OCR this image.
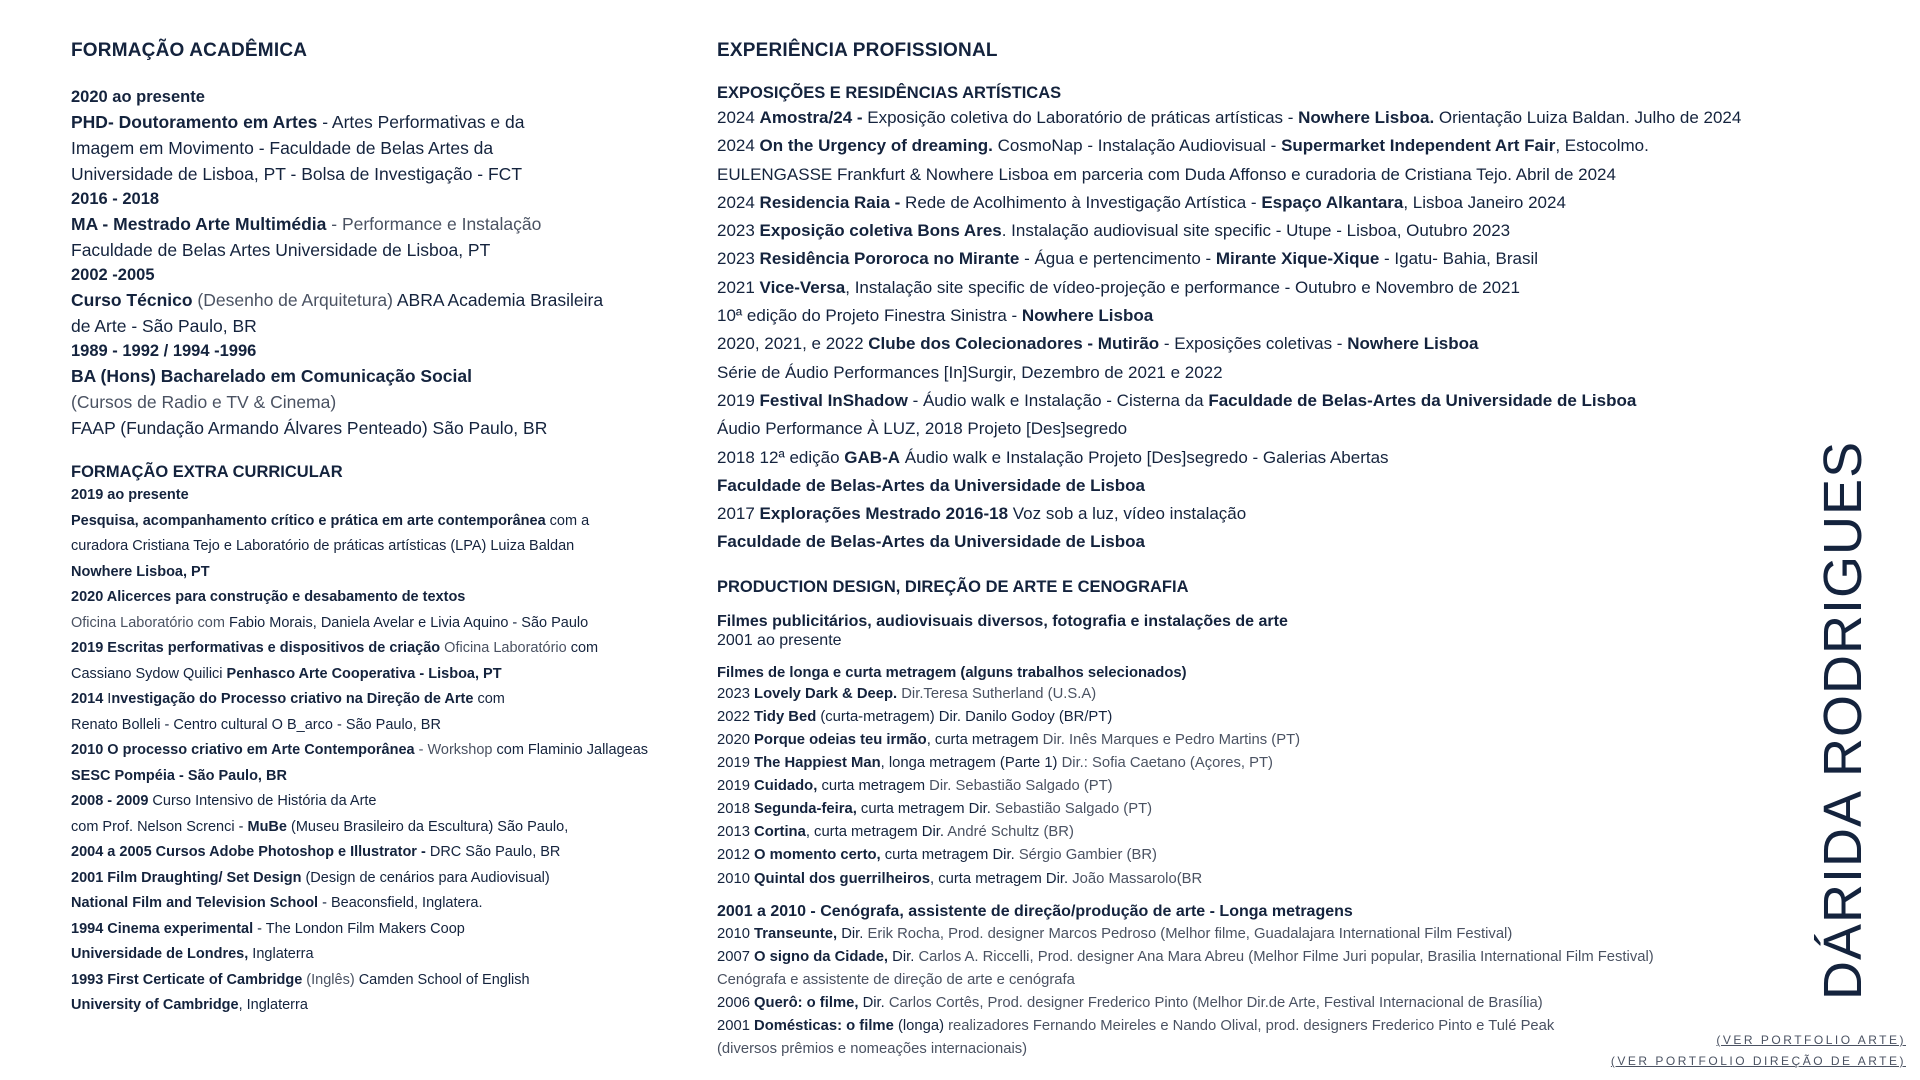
FORMAÇÃO ACADÊMICA
2020 ao presente
PHD- Doutoramento em Artes - Artes Performativas e da
Imagem em Movimento - Faculdade de Belas Artes da
Universidade de Lisboa, PT - Bolsa de Investigação - FCT
2016 - 2018
MA - Mestrado Arte Multimédia - Performance e Instalação
Faculdade de Belas Artes Universidade de Lisboa, PT
2002 -2005
Curso Técnico (Desenho de Arquitetura) ABRA Academia Brasileira
de Arte - São Paulo, BR
1989 - 1992 / 1994 -1996
BA (Hons) Bacharelado em Comunicação Social
(Cursos de Radio e TV & Cinema)
FAAP (Fundação Armando Álvares Penteado) São Paulo, BR
FORMAÇÃO EXTRA CURRICULAR
2019 ao presente
Pesquisa, acompanhamento crítico e prática em arte contemporânea com a
curadora Cristiana Tejo e Laboratório de práticas artísticas (LPA) Luiza Baldan
Nowhere Lisboa, PT
2020 Alicerces para construção e desabamento de textos
Oficina Laboratório com Fabio Morais, Daniela Avelar e Livia Aquino - São Paulo
2019 Escritas performativas e dispositivos de criação Oficina Laboratório com
Cassiano Sydow Quilici Penhasco Arte Cooperativa - Lisboa, PT
2014 Investigação do Processo criativo na Direção de Arte com
Renato Bolleli - Centro cultural O B_arco - São Paulo, BR
2010 O processo criativo em Arte Contemporânea - Workshop com Flaminio Jallageas
SESC Pompéia - São Paulo, BR
2008 - 2009 Curso Intensivo de História da Arte
com Prof. Nelson Screnci - MuBe (Museu Brasileiro da Escultura) São Paulo,
2004 a 2005 Cursos Adobe Photoshop e Illustrator - DRC São Paulo, BR
2001 Film Draughting/ Set Design (Design de cenários para Audiovisual)
National Film and Television School - Beaconsfield, Inglatera.
1994 Cinema experimental - The London Film Makers Coop
Universidade de Londres, Inglaterra
1993 First Certicate of Cambridge (Inglês) Camden School of English
University of Cambridge, Inglaterra
EXPERIÊNCIA PROFISSIONAL
EXPOSIÇÕES E RESIDÊNCIAS ARTÍSTICAS
2024 Amostra/24 - Exposição coletiva do Laboratório de práticas artísticas - Nowhere Lisboa. Orientação Luiza Baldan. Julho de 2024
2024 On the Urgency of dreaming. CosmoNap - Instalação Audiovisual - Supermarket Independent Art Fair, Estocolmo.
EULENGASSE Frankfurt & Nowhere Lisboa em parceria com Duda Affonso e curadoria de Cristiana Tejo. Abril de 2024
2024 Residencia Raia - Rede de Acolhimento à Investigação Artística - Espaço Alkantara, Lisboa Janeiro 2024
2023 Exposição coletiva Bons Ares. Instalação audiovisual site specific - Utupe - Lisboa, Outubro 2023
2023 Residência Pororoca no Mirante - Água e pertencimento - Mirante Xique-Xique - Igatu- Bahia, Brasil
2021 Vice-Versa, Instalação site specific de vídeo-projeção e performance - Outubro e Novembro de 2021
10ª edição do Projeto Finestra Sinistra - Nowhere Lisboa
2020, 2021, e 2022 Clube dos Colecionadores - Mutirão - Exposições coletivas - Nowhere Lisboa
Série de Áudio Performances [In]Surgir, Dezembro de 2021 e 2022
2019 Festival InShadow - Áudio walk e Instalação - Cisterna da Faculdade de Belas-Artes da Universidade de Lisboa
Áudio Performance À LUZ, 2018 Projeto [Des]segredo
2018 12ª edição GAB-A Áudio walk e Instalação Projeto [Des]segredo - Galerias Abertas
Faculdade de Belas-Artes da Universidade de Lisboa
2017 Explorações Mestrado 2016-18 Voz sob a luz, vídeo instalação
Faculdade de Belas-Artes da Universidade de Lisboa
PRODUCTION DESIGN, DIREÇÃO DE ARTE E CENOGRAFIA
Filmes publicitários, audiovisuais diversos, fotografia e instalações de arte
2001 ao presente
Filmes de longa e curta metragem (alguns trabalhos selecionados)
2023 Lovely Dark & Deep. Dir.Teresa Sutherland (U.S.A)
2022 Tidy Bed (curta-metragem) Dir. Danilo Godoy (BR/PT)
2020 Porque odeias teu irmão, curta metragem Dir. Inês Marques e Pedro Martins (PT)
2019 The Happiest Man, longa metragem (Parte 1) Dir.: Sofia Caetano (Açores, PT)
2019 Cuidado, curta metragem Dir. Sebastião Salgado (PT)
2018 Segunda-feira, curta metragem Dir. Sebastião Salgado (PT)
2013 Cortina, curta metragem Dir. André Schultz (BR)
2012 O momento certo, curta metragem Dir. Sérgio Gambier (BR)
2010 Quintal dos guerrilheiros, curta metragem Dir. João Massarolo(BR
2001 a 2010 - Cenógrafa, assistente de direção/produção de arte - Longa metragens
2010 Transeunte, Dir. Erik Rocha, Prod. designer Marcos Pedroso (Melhor filme, Guadalajara International Film Festival)
2007 O signo da Cidade, Dir. Carlos A. Riccelli, Prod. designer Ana Mara Abreu (Melhor Filme Juri popular, Brasilia International Film Festival)
Cenógrafa e assistente de direção de arte e cenógrafa
2006 Querô: o filme, Dir. Carlos Cortês, Prod. designer Frederico Pinto (Melhor Dir.de Arte, Festival Internacional de Brasília)
2001 Domésticas: o filme (longa) realizadores Fernando Meireles e Nando Olival, prod. designers Frederico Pinto e Tulé Peak
(diversos prêmios e nomeações internacionais)
DÁRIDA RODRIGUES
(VER PORTFOLIO ARTE)
(VER PORTFOLIO DIREÇÃO DE ARTE)
